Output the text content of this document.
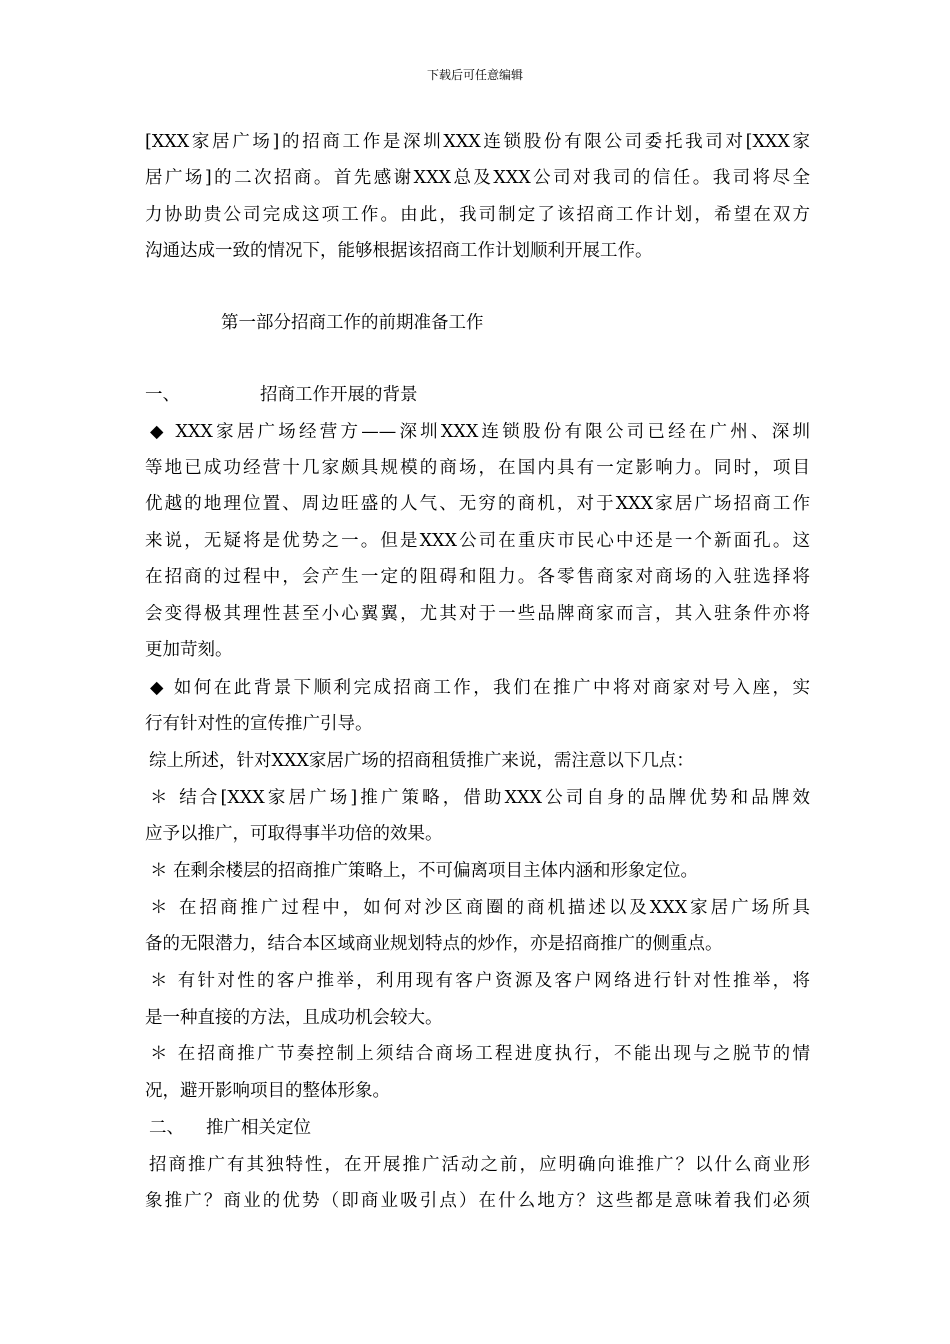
下载后可任意编辑
[XXX家居广场]的招商工作是深圳XXX连锁股份有限公司委托我司对[XXX家
居广场]的二次招商。首先感谢XXX总及XXX公司对我司的信任。我司将尽全
力协助贵公司完成这项工作。由此，我司制定了该招商工作计划，希望在双方
沟通达成一致的情况下，能够根据该招商工作计划顺利开展工作。
第一部分招商工作的前期准备工作
一、	招商工作开展的背景
◆ XXX家居广场经营方——深圳XXX连锁股份有限公司已经在广州、深圳
等地已成功经营十几家颇具规模的商场，在国内具有一定影响力。同时，项目
优越的地理位置、周边旺盛的人气、无穷的商机，对于XXX家居广场招商工作
来说，无疑将是优势之一。但是XXX公司在重庆市民心中还是一个新面孔。这
在招商的过程中，会产生一定的阻碍和阻力。各零售商家对商场的入驻选择将
会变得极其理性甚至小心翼翼，尤其对于一些品牌商家而言，其入驻条件亦将
更加苛刻。
◆ 如何在此背景下顺利完成招商工作，我们在推广中将对商家对号入座，实
行有针对性的宣传推广引导。
综上所述，针对XXX家居广场的招商租赁推广来说，需注意以下几点：
＊ 结合[XXX家居广场]推广策略，借助XXX公司自身的品牌优势和品牌效
应予以推广，可取得事半功倍的效果。
＊ 在剩余楼层的招商推广策略上，不可偏离项目主体内涵和形象定位。
＊ 在招商推广过程中，如何对沙区商圈的商机描述以及XXX家居广场所具
备的无限潜力，结合本区域商业规划特点的炒作，亦是招商推广的侧重点。
＊ 有针对性的客户推举，利用现有客户资源及客户网络进行针对性推举，将
是一种直接的方法，且成功机会较大。
＊ 在招商推广节奏控制上须结合商场工程进度执行，不能出现与之脱节的情
况，避开影响项目的整体形象。
二、 推广相关定位
招商推广有其独特性，在开展推广活动之前，应明确向谁推广？以什么商业形
象推广？商业的优势（即商业吸引点）在什么地方？这些都是意味着我们必须
